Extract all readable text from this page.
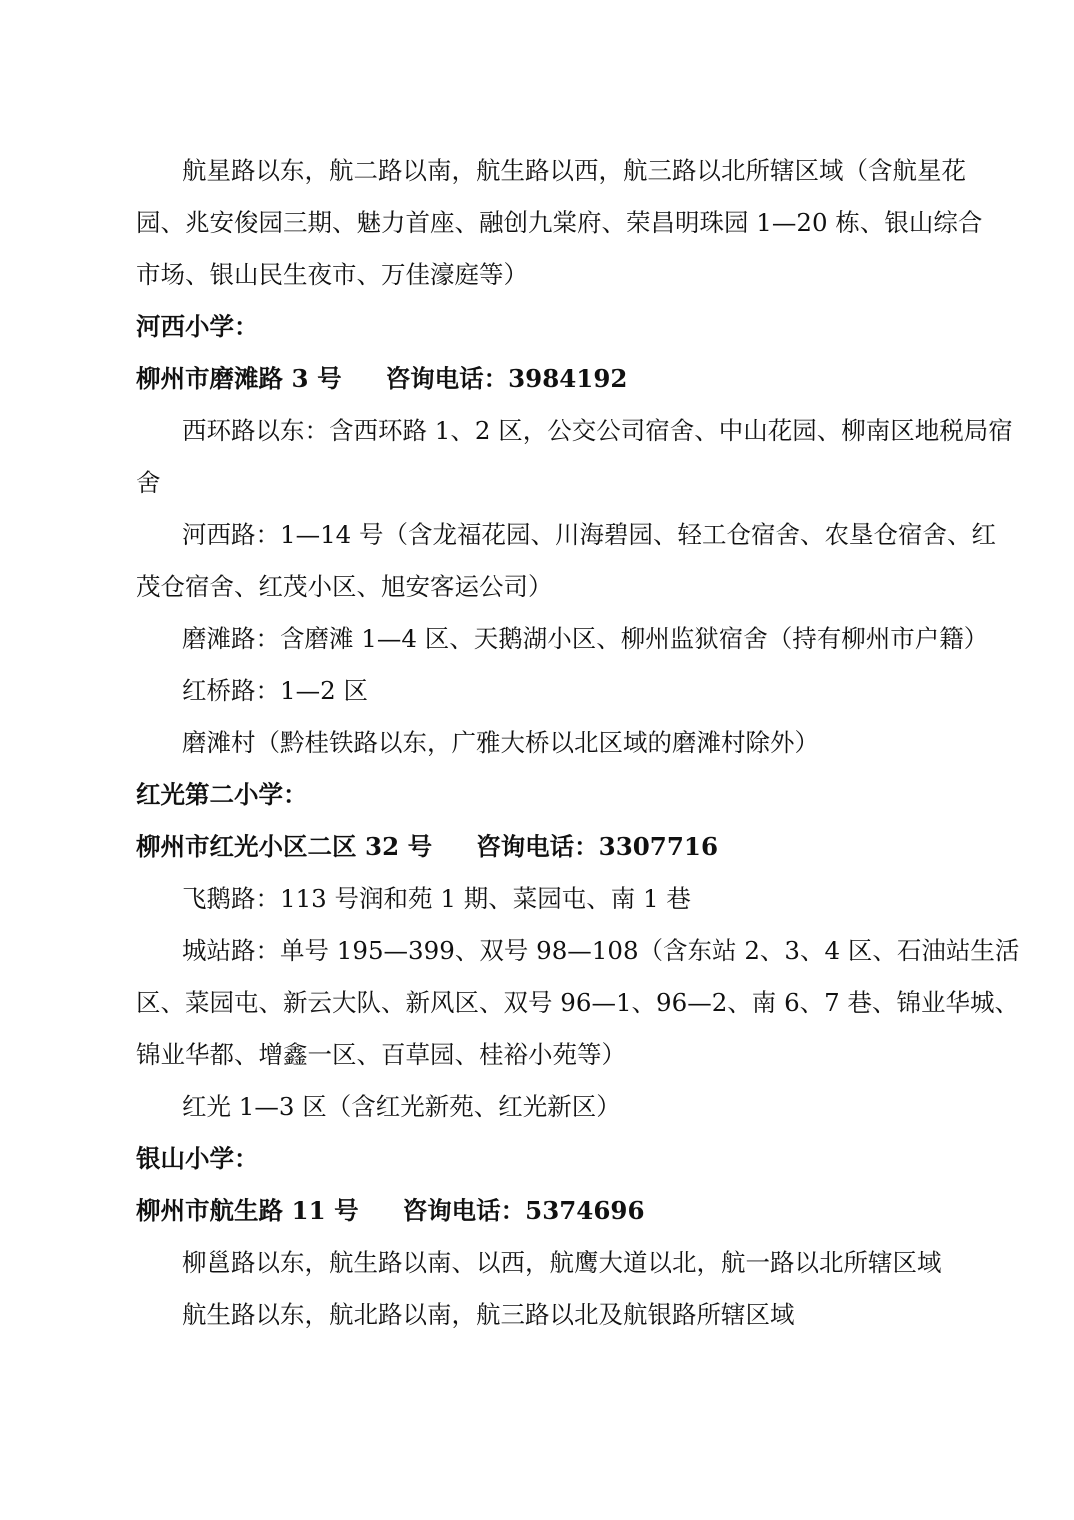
航星路以东，航二路以南，航生路以西，航三路以北所辖区域（含航星花
园、兆安俊园三期、魅力首座、融创九棠府、荣昌明珠园 1—20 栋、银山综合
市场、银山民生夜市、万佳濠庭等）
河西小学：
柳州市磨滩路 3 号 咨询电话：3984192
西环路以东：含西环路 1、2 区，公交公司宿舍、中山花园、柳南区地税局宿
舍
河西路：1—14 号（含龙福花园、川海碧园、轻工仓宿舍、农垦仓宿舍、红
茂仓宿舍、红茂小区、旭安客运公司）
磨滩路：含磨滩 1—4 区、天鹅湖小区、柳州监狱宿舍（持有柳州市户籍）
红桥路：1—2 区
磨滩村（黔桂铁路以东，广雅大桥以北区域的磨滩村除外）
红光第二小学：
柳州市红光小区二区 32 号 咨询电话：3307716
飞鹅路：113 号润和苑 1 期、菜园屯、南 1 巷
城站路：单号 195—399、双号 98—108（含东站 2、3、4 区、石油站生活
区、菜园屯、新云大队、新风区、双号 96—1、96—2、南 6、7 巷、锦业华城、
锦业华都、增鑫一区、百草园、桂裕小苑等）
红光 1—3 区（含红光新苑、红光新区）
银山小学：
柳州市航生路 11 号 咨询电话：5374696
柳邕路以东，航生路以南、以西，航鹰大道以北，航一路以北所辖区域
航生路以东，航北路以南，航三路以北及航银路所辖区域
